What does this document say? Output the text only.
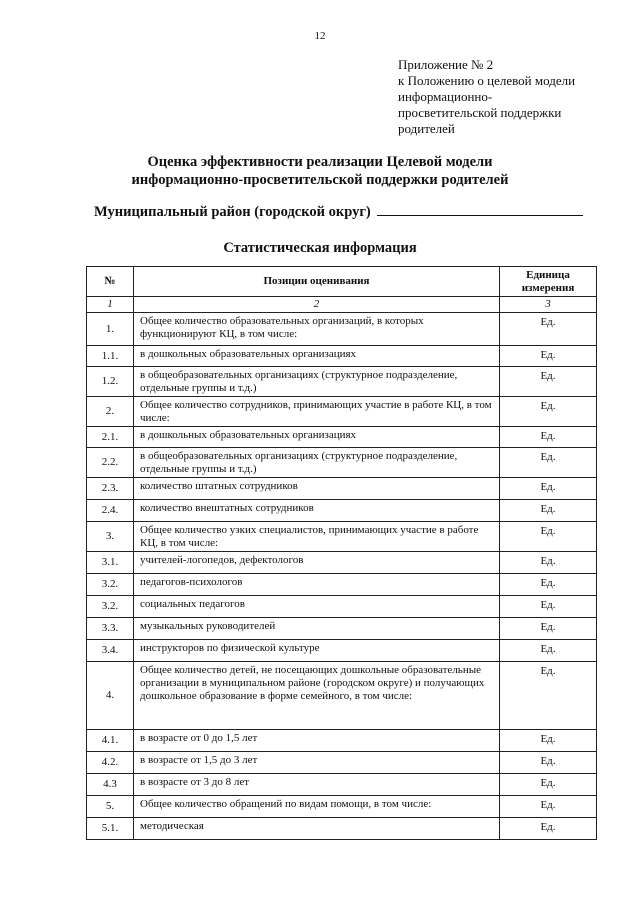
12
Приложение № 2
к Положению о целевой модели
информационно-
просветительской поддержки
родителей
Оценка эффективности реализации Целевой модели
информационно-просветительской поддержки родителей
Муниципальный район (городской округ)
Статистическая информация
№	Позиции оценивания	Единица
измерения

1	2	3
1.	Общее количество образовательных организаций, в которых функционируют КЦ, в том числе:	Ед.
1.1.	в дошкольных образовательных организациях	Ед.
1.2.	в общеобразовательных организациях (структурное подразделение, отдельные группы и т.д.)	Ед.
2.	Общее количество сотрудников, принимающих участие в работе КЦ, в том числе:	Ед.
2.1.	в дошкольных образовательных организациях	Ед.
2.2.	в общеобразовательных организациях (структурное подразделение, отдельные группы и т.д.)	Ед.
2.3.	количество штатных сотрудников	Ед.
2.4.	количество внештатных сотрудников	Ед.
3.	Общее количество узких специалистов, принимающих участие в работе КЦ, в том числе:	Ед.
3.1.	учителей-логопедов, дефектологов	Ед.
3.2.	педагогов-психологов	Ед.
3.2.	социальных педагогов	Ед.
3.3.	музыкальных руководителей	Ед.
3.4.	инструкторов по физической культуре	Ед.
4.	Общее количество детей, не посещающих дошкольные образовательные организации в муниципальном районе (городском округе) и получающих дошкольное образование в форме семейного, в том числе:	Ед.
4.1.	в возрасте от 0 до 1,5 лет	Ед.
4.2.	в возрасте от 1,5 до 3 лет	Ед.
4.3	в возрасте от 3 до 8 лет	Ед.
5.	Общее количество обращений по видам помощи, в том числе:	Ед.
5.1.	методическая	Ед.
